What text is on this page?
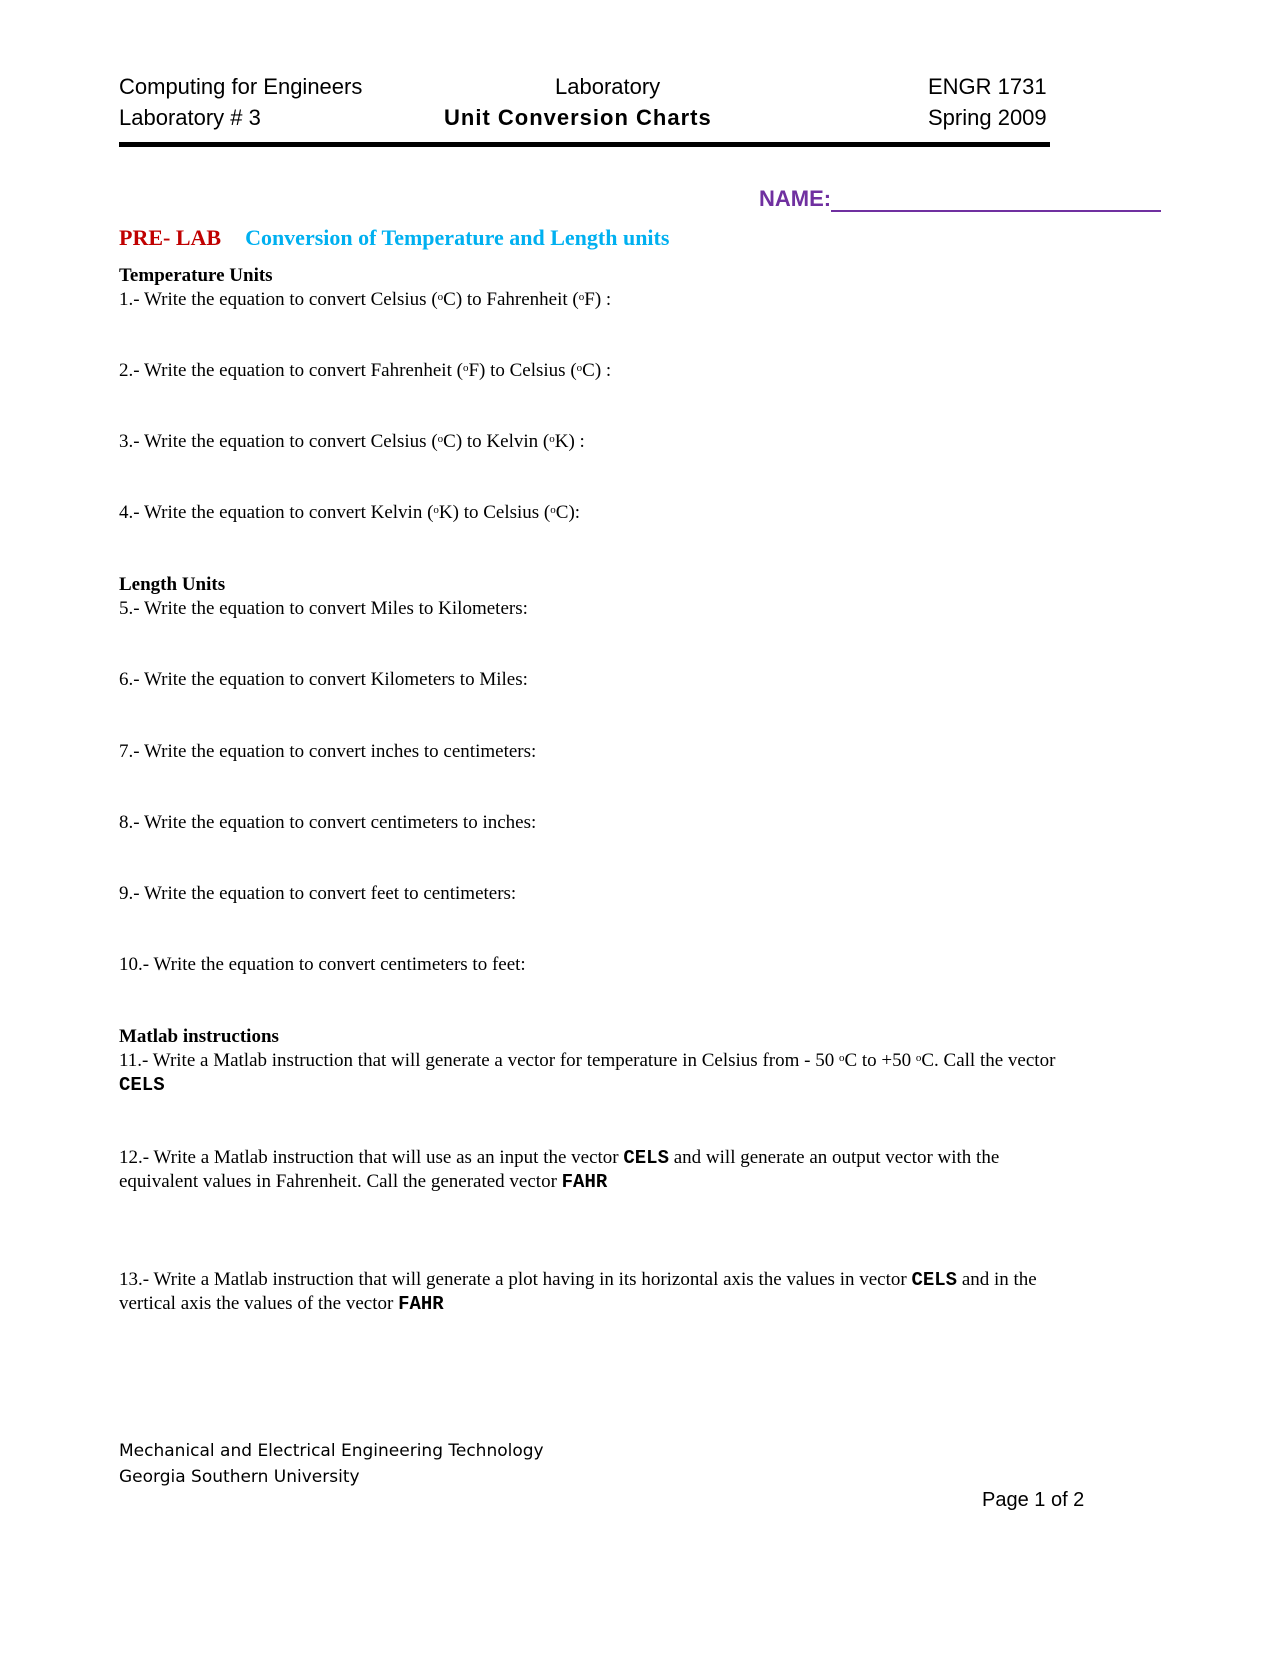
Computing for Engineers
Laboratory # 3
Laboratory
Unit Conversion Charts
ENGR 1731
Spring 2009
NAME:
PRE- LAB Conversion of Temperature and Length units
Temperature Units
1.- Write the equation to convert Celsius ($^o$C) to Fahrenheit ($^o$F) :
2.- Write the equation to convert Fahrenheit ($^o$F) to Celsius ($^o$C) :
3.- Write the equation to convert Celsius ($^o$C) to Kelvin ($^o$K) :
4.- Write the equation to convert Kelvin ($^o$K) to Celsius ($^o$C):
Length Units
5.- Write the equation to convert Miles to Kilometers:
6.- Write the equation to convert Kilometers to Miles:
7.- Write the equation to convert inches to centimeters:
8.- Write the equation to convert centimeters to inches:
9.- Write the equation to convert feet to centimeters:
10.- Write the equation to convert centimeters to feet:
Matlab instructions
11.- Write a Matlab instruction that will generate a vector for temperature in Celsius from - 50 $^o$C to +50 $^o$C. Call the vector
CELS
12.- Write a Matlab instruction that will use as an input the vector CELS and will generate an output vector with the
equivalent values in Fahrenheit. Call the generated vector FAHR
13.- Write a Matlab instruction that will generate a plot having in its horizontal axis the values in vector CELS and in the
vertical axis the values of the vector FAHR
Mechanical and Electrical Engineering Technology
Georgia Southern University
Page 1 of 2
